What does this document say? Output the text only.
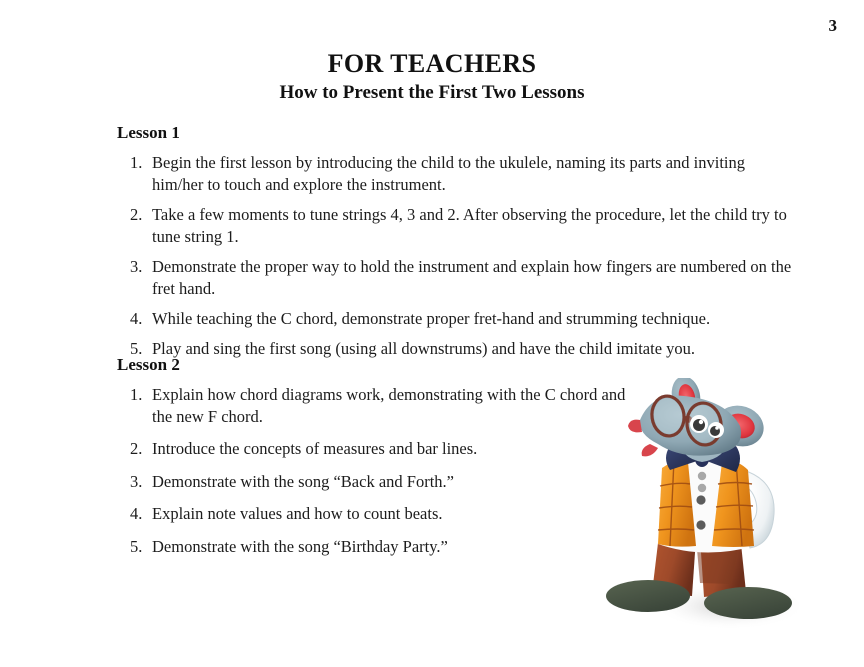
3
FOR TEACHERS
How to Present the First Two Lessons
Lesson 1
1. Begin the first lesson by introducing the child to the ukulele, naming its parts and inviting him/her to touch and explore the instrument.
2. Take a few moments to tune strings 4, 3 and 2. After observing the procedure, let the child try to tune string 1.
3. Demonstrate the proper way to hold the instrument and explain how fingers are numbered on the fret hand.
4. While teaching the C chord, demonstrate proper fret-hand and strumming technique.
5. Play and sing the first song (using all downstrums) and have the child imitate you.
Lesson 2
1. Explain how chord diagrams work, demonstrating with the C chord and the new F chord.
2. Introduce the concepts of measures and bar lines.
3. Demonstrate with the song “Back and Forth.”
4. Explain note values and how to count beats.
5. Demonstrate with the song “Birthday Party.”
